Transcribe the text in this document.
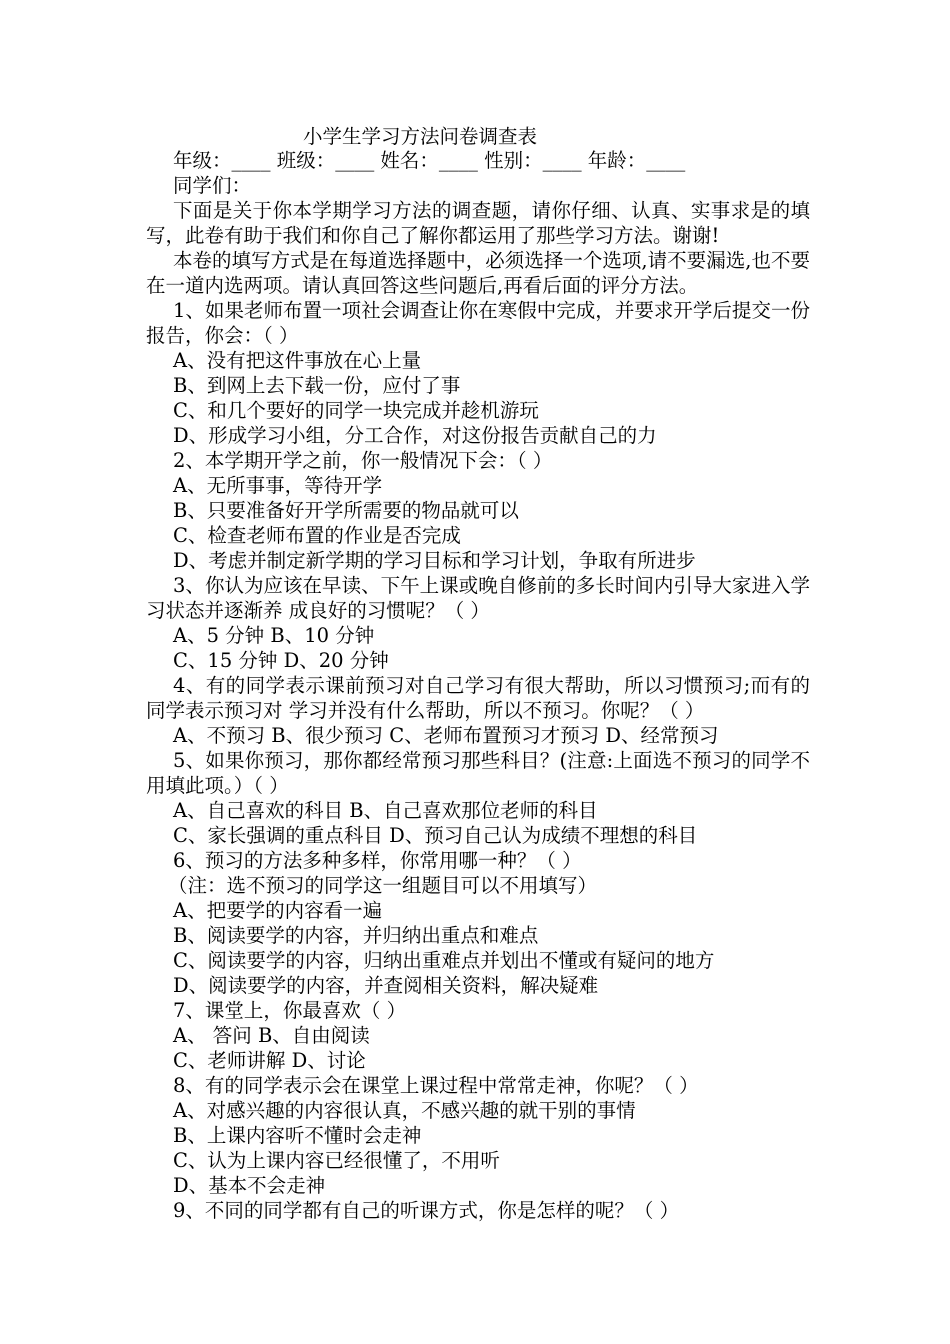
小学生学习方法问卷调查表
年级：____ 班级：____ 姓名：____ 性别：____ 年龄：____
同学们：
下面是关于你本学期学习方法的调查题，请你仔细、认真、实事求是的填写，此卷有助于我们和你自己了解你都运用了那些学习方法。谢谢!
本卷的填写方式是在每道选择题中，必须选择一个选项,请不要漏选,也不要在一道内选两项。请认真回答这些问题后,再看后面的评分方法。
1、如果老师布置一项社会调查让你在寒假中完成，并要求开学后提交一份报告，你会：（ ）
A、没有把这件事放在心上量
B、到网上去下载一份，应付了事
C、和几个要好的同学一块完成并趁机游玩
D、形成学习小组，分工合作，对这份报告贡献自己的力
2、本学期开学之前，你一般情况下会：（ ）
A、无所事事，等待开学
B、只要准备好开学所需要的物品就可以
C、检查老师布置的作业是否完成
D、考虑并制定新学期的学习目标和学习计划，争取有所进步
3、你认为应该在早读、下午上课或晚自修前的多长时间内引导大家进入学习状态并逐渐养 成良好的习惯呢？（ ）
A、5 分钟 B、10 分钟
C、15 分钟 D、20 分钟
4、有的同学表示课前预习对自己学习有很大帮助，所以习惯预习;而有的同学表示预习对 学习并没有什么帮助，所以不预习。你呢？（ ）
A、不预习 B、很少预习 C、老师布置预习才预习 D、经常预习
5、如果你预习，那你都经常预习那些科目？(注意:上面选不预习的同学不用填此项。）（ ）
A、自己喜欢的科目 B、自己喜欢那位老师的科目
C、家长强调的重点科目 D、预习自己认为成绩不理想的科目
6、预习的方法多种多样，你常用哪一种？（ ）
（注：选不预习的同学这一组题目可以不用填写）
A、把要学的内容看一遍
B、阅读要学的内容，并归纳出重点和难点
C、阅读要学的内容，归纳出重难点并划出不懂或有疑问的地方
D、阅读要学的内容，并查阅相关资料，解决疑难
7、课堂上，你最喜欢（ ）
A、 答问 B、自由阅读
C、老师讲解 D、讨论
8、有的同学表示会在课堂上课过程中常常走神，你呢？（ ）
A、对感兴趣的内容很认真，不感兴趣的就干别的事情
B、上课内容听不懂时会走神
C、认为上课内容已经很懂了，不用听
D、基本不会走神
9、不同的同学都有自己的听课方式，你是怎样的呢？（ ）
